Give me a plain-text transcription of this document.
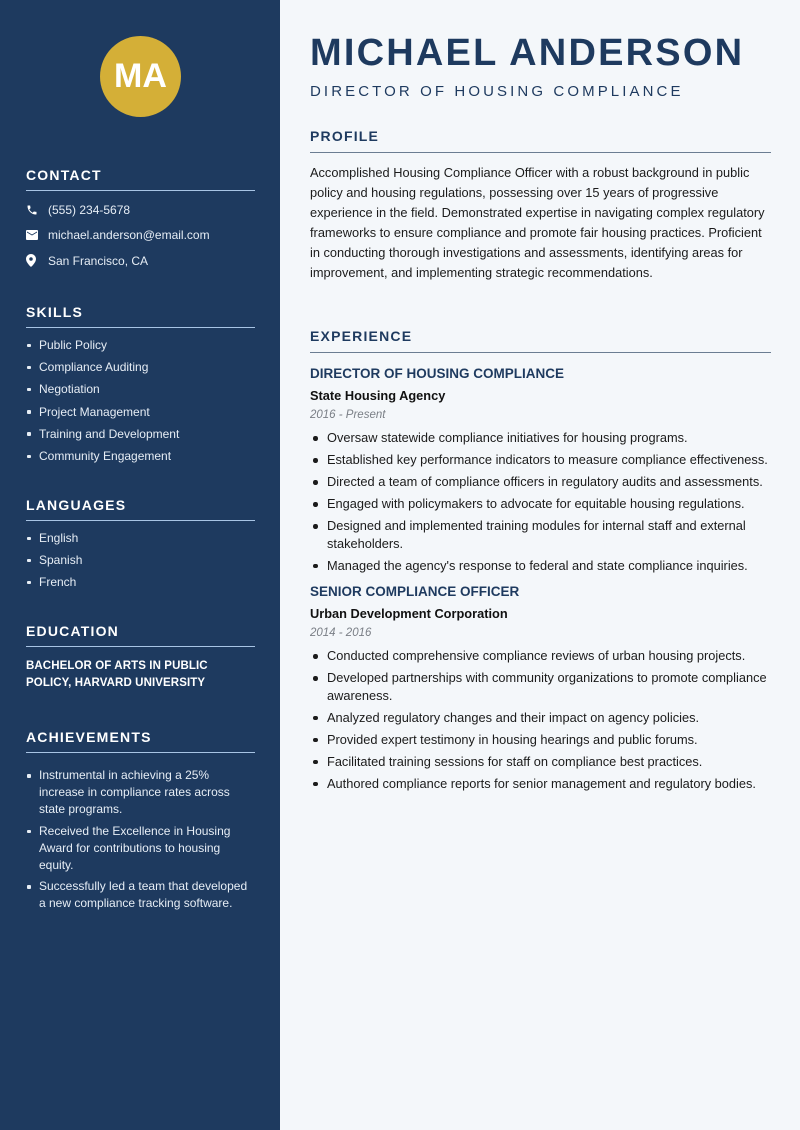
MA
CONTACT
(555) 234-5678
michael.anderson@email.com
San Francisco, CA
SKILLS
Public Policy
Compliance Auditing
Negotiation
Project Management
Training and Development
Community Engagement
LANGUAGES
English
Spanish
French
EDUCATION
BACHELOR OF ARTS IN PUBLIC POLICY, HARVARD UNIVERSITY
ACHIEVEMENTS
Instrumental in achieving a 25% increase in compliance rates across state programs.
Received the Excellence in Housing Award for contributions to housing equity.
Successfully led a team that developed a new compliance tracking software.
MICHAEL ANDERSON
DIRECTOR OF HOUSING COMPLIANCE
PROFILE

Accomplished Housing Compliance Officer with a robust background in public policy and housing regulations, possessing over 15 years of progressive experience in the field. Demonstrated expertise in navigating complex regulatory frameworks to ensure compliance and promote fair housing practices. Proficient in conducting thorough investigations and assessments, identifying areas for improvement, and implementing strategic recommendations.

EXPERIENCE
DIRECTOR OF HOUSING COMPLIANCE
State Housing Agency
2016 - Present
Oversaw statewide compliance initiatives for housing programs.
Established key performance indicators to measure compliance effectiveness.
Directed a team of compliance officers in regulatory audits and assessments.
Engaged with policymakers to advocate for equitable housing regulations.
Designed and implemented training modules for internal staff and external stakeholders.
Managed the agency's response to federal and state compliance inquiries.
SENIOR COMPLIANCE OFFICER
Urban Development Corporation
2014 - 2016
Conducted comprehensive compliance reviews of urban housing projects.
Developed partnerships with community organizations to promote compliance awareness.
Analyzed regulatory changes and their impact on agency policies.
Provided expert testimony in housing hearings and public forums.
Facilitated training sessions for staff on compliance best practices.
Authored compliance reports for senior management and regulatory bodies.
